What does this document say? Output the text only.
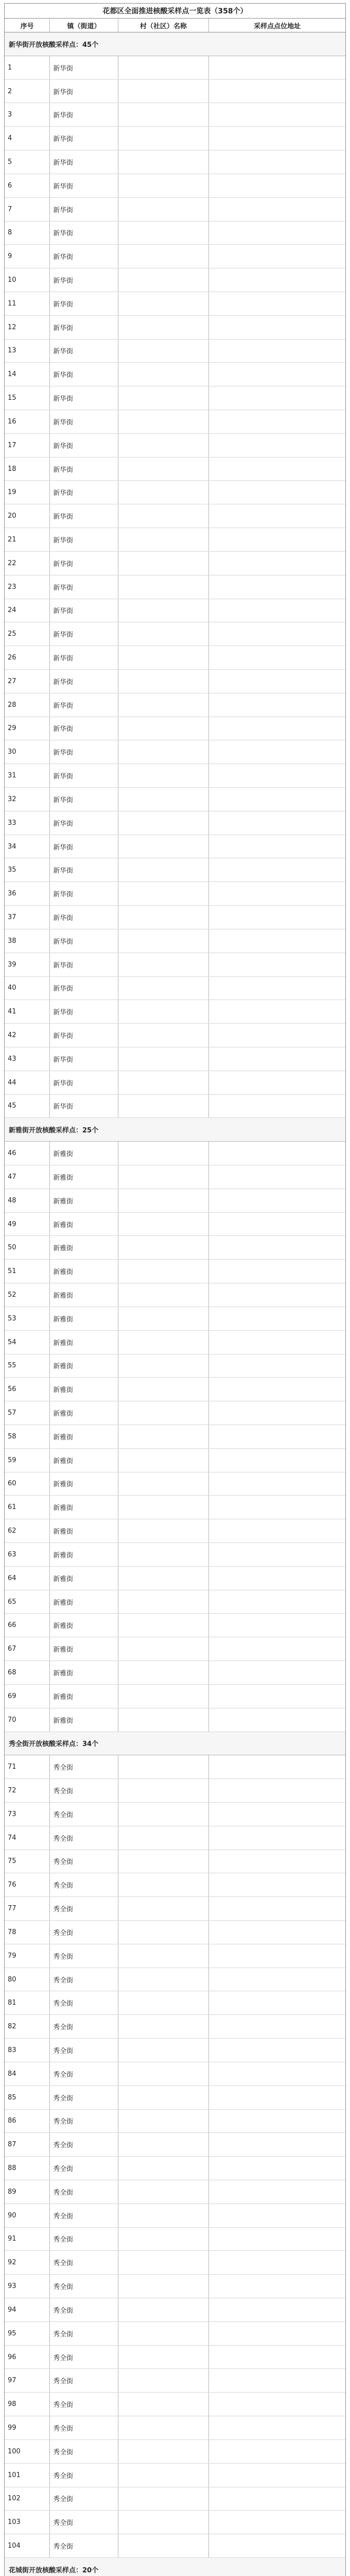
花都区全面推进核酸采样点一览表（358个）
序号	镇（街道）	村（社区）名称	采样点点位地址
新华街开放核酸采样点：45个
1	新华街
2	新华街
3	新华街
4	新华街
5	新华街
6	新华街
7	新华街
8	新华街
9	新华街
10	新华街
11	新华街
12	新华街
13	新华街
14	新华街
15	新华街
16	新华街
17	新华街
18	新华街
19	新华街
20	新华街
21	新华街
22	新华街
23	新华街
24	新华街
25	新华街
26	新华街
27	新华街
28	新华街
29	新华街
30	新华街
31	新华街
32	新华街
33	新华街
34	新华街
35	新华街
36	新华街
37	新华街
38	新华街
39	新华街
40	新华街
41	新华街
42	新华街
43	新华街
44	新华街
45	新华街
新雅街开放核酸采样点：25个
46	新雅街
47	新雅街
48	新雅街
49	新雅街
50	新雅街
51	新雅街
52	新雅街
53	新雅街
54	新雅街
55	新雅街
56	新雅街
57	新雅街
58	新雅街
59	新雅街
60	新雅街
61	新雅街
62	新雅街
63	新雅街
64	新雅街
65	新雅街
66	新雅街
67	新雅街
68	新雅街
69	新雅街
70	新雅街
秀全街开放核酸采样点：34个
71	秀全街
72	秀全街
73	秀全街
74	秀全街
75	秀全街
76	秀全街
77	秀全街
78	秀全街
79	秀全街
80	秀全街
81	秀全街
82	秀全街
83	秀全街
84	秀全街
85	秀全街
86	秀全街
87	秀全街
88	秀全街
89	秀全街
90	秀全街
91	秀全街
92	秀全街
93	秀全街
94	秀全街
95	秀全街
96	秀全街
97	秀全街
98	秀全街
99	秀全街
100	秀全街
101	秀全街
102	秀全街
103	秀全街
104	秀全街
花城街开放核酸采样点：20个
